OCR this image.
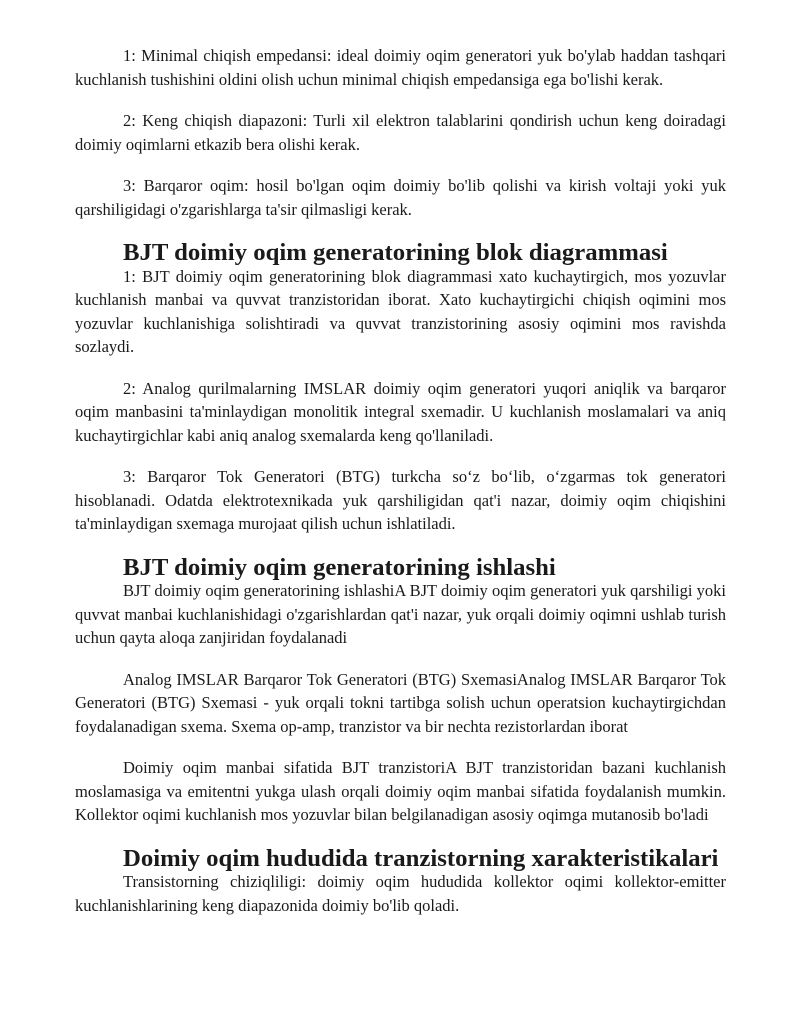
1: Minimal chiqish empedansi: ideal doimiy oqim generatori yuk bo'ylab haddan tashqari kuchlanish tushishini oldini olish uchun minimal chiqish empedansiga ega bo'lishi kerak.

2: Keng chiqish diapazoni: Turli xil elektron talablarini qondirish uchun keng doiradagi doimiy oqimlarni etkazib bera olishi kerak.

3: Barqaror oqim: hosil bo'lgan oqim doimiy bo'lib qolishi va kirish voltaji yoki yuk qarshiligidagi o'zgarishlarga ta'sir qilmasligi kerak.

BJT doimiy oqim generatorining blok diagrammasi

1: BJT doimiy oqim generatorining blok diagrammasi xato kuchaytirgich, mos yozuvlar kuchlanish manbai va quvvat tranzistoridan iborat. Xato kuchaytirgichi chiqish oqimini mos yozuvlar kuchlanishiga solishtiradi va quvvat tranzistorining asosiy oqimini mos ravishda sozlaydi.

2: Analog qurilmalarning IMSLAR doimiy oqim generatori yuqori aniqlik va barqaror oqim manbasini ta'minlaydigan monolitik integral sxemadir. U kuchlanish moslamalari va aniq kuchaytirgichlar kabi aniq analog sxemalarda keng qo'llaniladi.

3: Barqaror Tok Generatori (BTG) turkcha so‘z bo‘lib, o‘zgarmas tok generatori hisoblanadi. Odatda elektrotexnikada yuk qarshiligidan qat'i nazar, doimiy oqim chiqishini ta'minlaydigan sxemaga murojaat qilish uchun ishlatiladi.

BJT doimiy oqim generatorining ishlashi

BJT doimiy oqim generatorining ishlashiA BJT doimiy oqim generatori yuk qarshiligi yoki quvvat manbai kuchlanishidagi o'zgarishlardan qat'i nazar, yuk orqali doimiy oqimni ushlab turish uchun qayta aloqa zanjiridan foydalanadi

Analog IMSLAR Barqaror Tok Generatori (BTG) SxemasiAnalog IMSLAR Barqaror Tok Generatori (BTG) Sxemasi - yuk orqali tokni tartibga solish uchun operatsion kuchaytirgichdan foydalanadigan sxema. Sxema op-amp, tranzistor va bir nechta rezistorlardan iborat

Doimiy oqim manbai sifatida BJT tranzistoriA BJT tranzistoridan bazani kuchlanish moslamasiga va emitentni yukga ulash orqali doimiy oqim manbai sifatida foydalanish mumkin. Kollektor oqimi kuchlanish mos yozuvlar bilan belgilanadigan asosiy oqimga mutanosib bo'ladi

Doimiy oqim hududida tranzistorning xarakteristikalari

Transistorning chiziqliligi: doimiy oqim hududida kollektor oqimi kollektor-emitter kuchlanishlarining keng diapazonida doimiy bo'lib qoladi.
